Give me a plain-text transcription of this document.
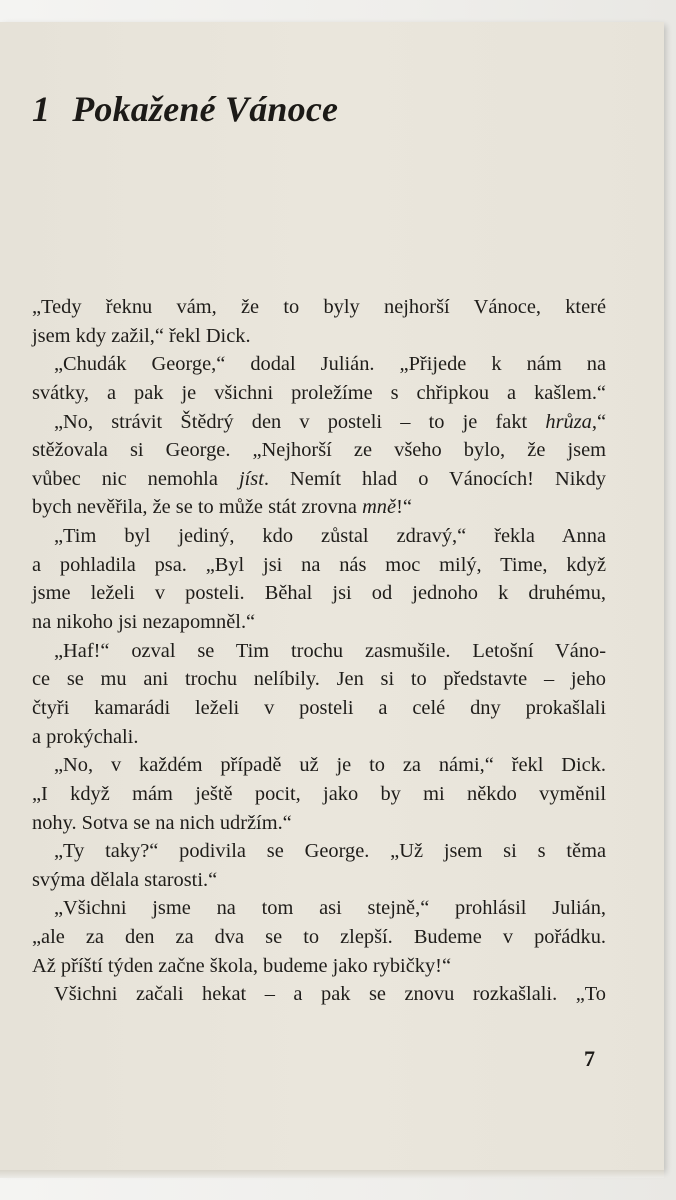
1 Pokažené Vánoce
„Tedy řeknu vám, že to byly nejhorší Vánoce, které
jsem kdy zažil,“ řekl Dick.
„Chudák George,“ dodal Julián. „Přijede k nám na
svátky, a pak je všichni proležíme s chřipkou a kašlem.“
„No, strávit Štědrý den v posteli – to je fakt hrůza,“
stěžovala si George. „Nejhorší ze všeho bylo, že jsem
vůbec nic nemohla jíst. Nemít hlad o Vánocích! Nikdy
bych nevěřila, že se to může stát zrovna mně!“
„Tim byl jediný, kdo zůstal zdravý,“ řekla Anna
a pohladila psa. „Byl jsi na nás moc milý, Time, když
jsme leželi v posteli. Běhal jsi od jednoho k druhému,
na nikoho jsi nezapomněl.“
„Haf!“ ozval se Tim trochu zasmušile. Letošní Váno-
ce se mu ani trochu nelíbily. Jen si to představte – jeho
čtyři kamarádi leželi v posteli a celé dny prokašlali
a prokýchali.
„No, v každém případě už je to za námi,“ řekl Dick.
„I když mám ještě pocit, jako by mi někdo vyměnil
nohy. Sotva se na nich udržím.“
„Ty taky?“ podivila se George. „Už jsem si s těma
svýma dělala starosti.“
„Všichni jsme na tom asi stejně,“ prohlásil Julián,
„ale za den za dva se to zlepší. Budeme v pořádku.
Až příští týden začne škola, budeme jako rybičky!“
Všichni začali hekat – a pak se znovu rozkašlali. „To
7
